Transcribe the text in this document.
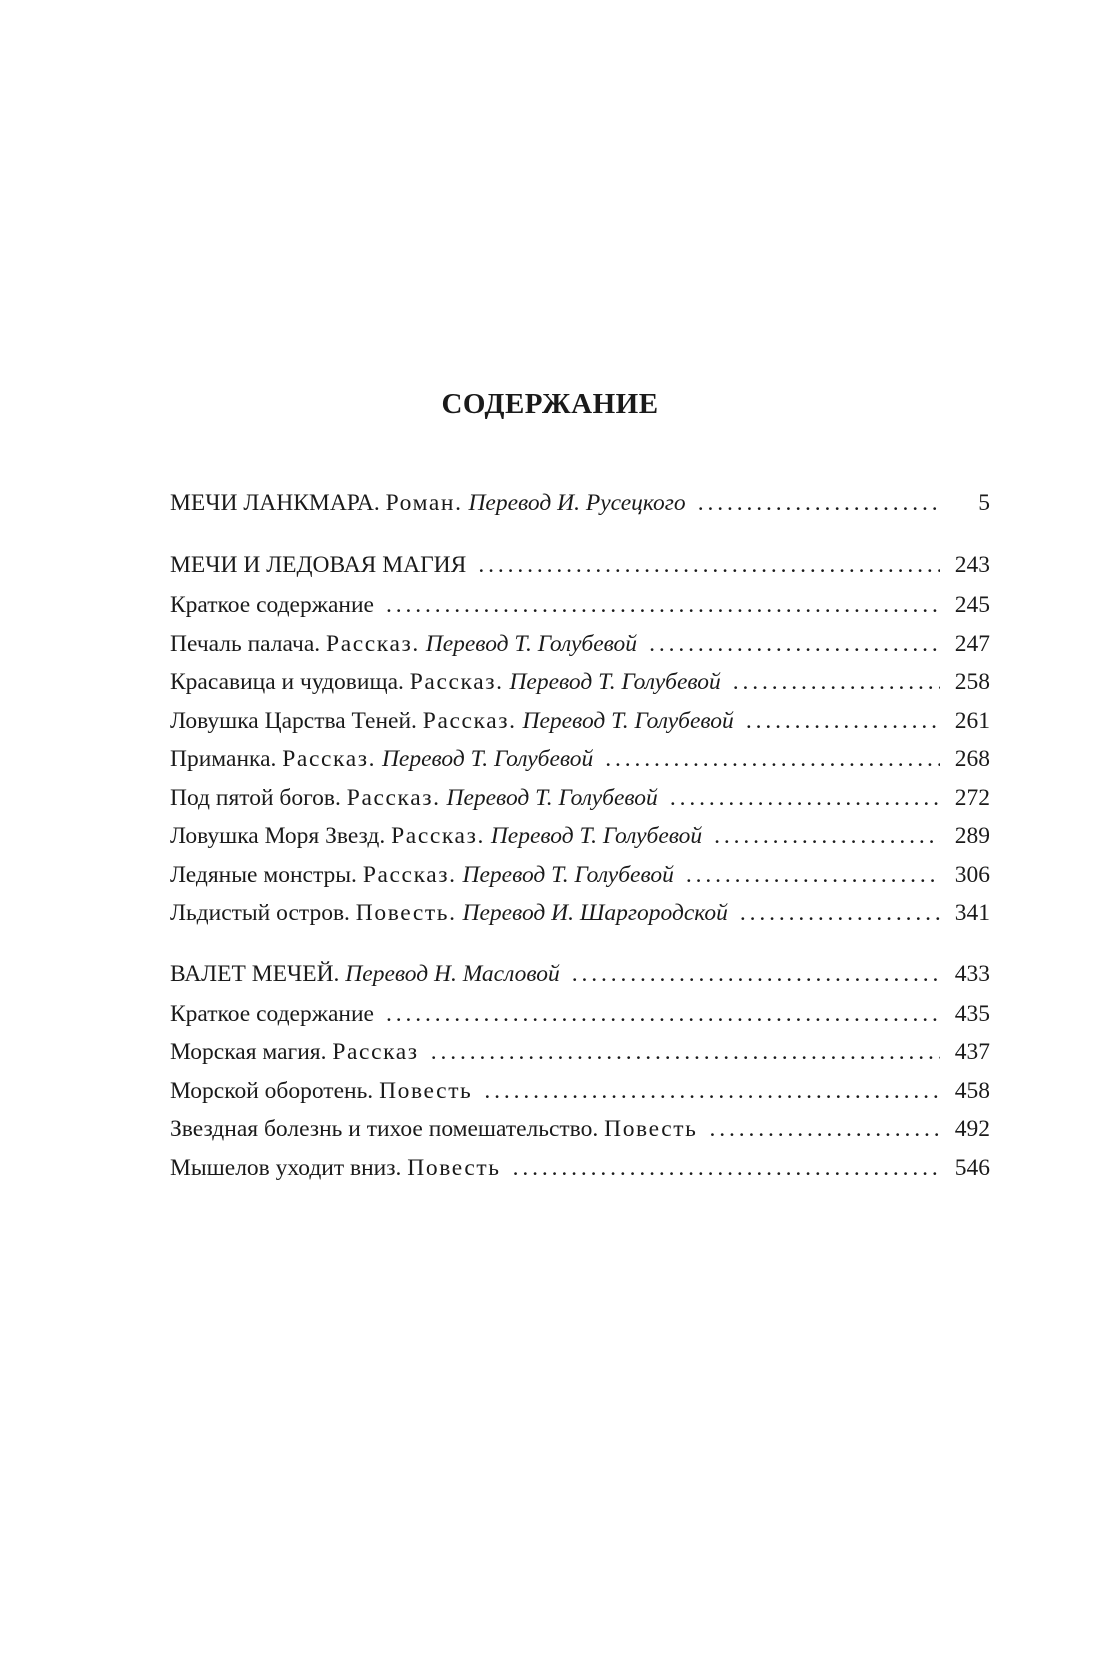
СОДЕРЖАНИЕ
МЕЧИ ЛАНКМАРА. Роман. Перевод И. Русецкого . . .	5
МЕЧИ И ЛЕДОВАЯ МАГИЯ . . .	243
Краткое содержание . . .	245
Печаль палача. Рассказ. Перевод Т. Голубевой . . .	247
Красавица и чудовища. Рассказ. Перевод Т. Голубевой . . .	258
Ловушка Царства Теней. Рассказ. Перевод Т. Голубевой . . .	261
Приманка. Рассказ. Перевод Т. Голубевой . . .	268
Под пятой богов. Рассказ. Перевод Т. Голубевой . . .	272
Ловушка Моря Звезд. Рассказ. Перевод Т. Голубевой . . .	289
Ледяные монстры. Рассказ. Перевод Т. Голубевой . . .	306
Льдистый остров. Повесть. Перевод И. Шаргородской . . .	341
ВАЛЕТ МЕЧЕЙ. Перевод Н. Масловой . . .	433
Краткое содержание . . .	435
Морская магия. Рассказ . . .	437
Морской оборотень. Повесть . . .	458
Звездная болезнь и тихое помешательство. Повесть . . .	492
Мышелов уходит вниз. Повесть . . .	546
